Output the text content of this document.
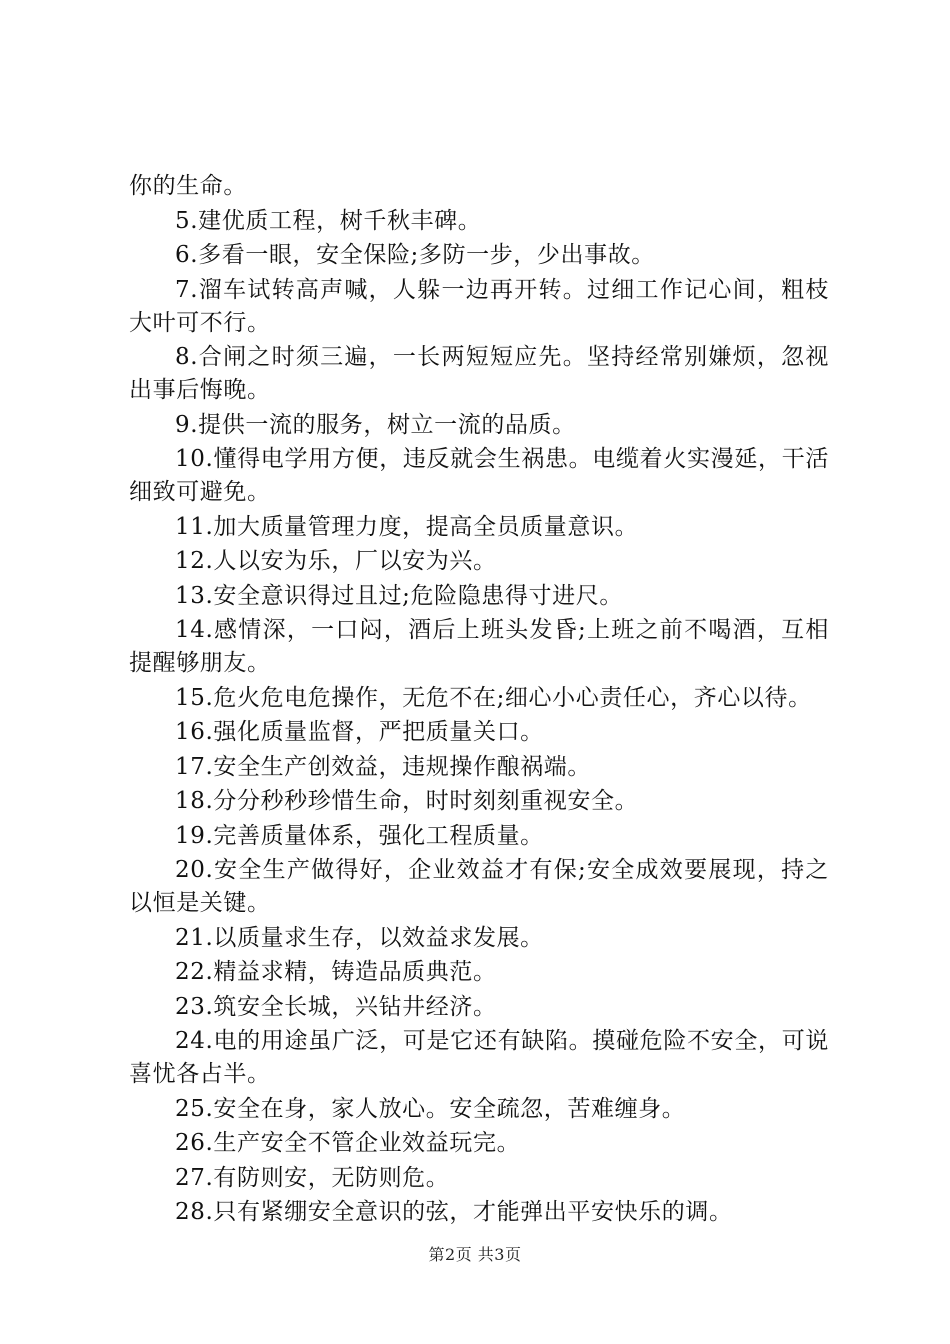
你的生命。

5.建优质工程，树千秋丰碑。

6.多看一眼，安全保险;多防一步，少出事故。

7.溜车试转高声喊，人躲一边再开转。过细工作记心间，粗枝大叶可不行。

8.合闸之时须三遍，一长两短短应先。坚持经常别嫌烦，忽视出事后悔晚。

9.提供一流的服务，树立一流的品质。

10.懂得电学用方便，违反就会生祸患。电缆着火实漫延，干活细致可避免。

11.加大质量管理力度，提高全员质量意识。

12.人以安为乐，厂以安为兴。

13.安全意识得过且过;危险隐患得寸进尺。

14.感情深，一口闷，酒后上班头发昏;上班之前不喝酒，互相提醒够朋友。

15.危火危电危操作，无危不在;细心小心责任心，齐心以待。

16.强化质量监督，严把质量关口。

17.安全生产创效益，违规操作酿祸端。

18.分分秒秒珍惜生命，时时刻刻重视安全。

19.完善质量体系，强化工程质量。

20.安全生产做得好，企业效益才有保;安全成效要展现，持之以恒是关键。

21.以质量求生存，以效益求发展。

22.精益求精，铸造品质典范。

23.筑安全长城，兴钻井经济。

24.电的用途虽广泛，可是它还有缺陷。摸碰危险不安全，可说喜忧各占半。

25.安全在身，家人放心。安全疏忽，苦难缠身。

26.生产安全不管企业效益玩完。

27.有防则安，无防则危。

28.只有紧绷安全意识的弦，才能弹出平安快乐的调。

第2页 共3页
